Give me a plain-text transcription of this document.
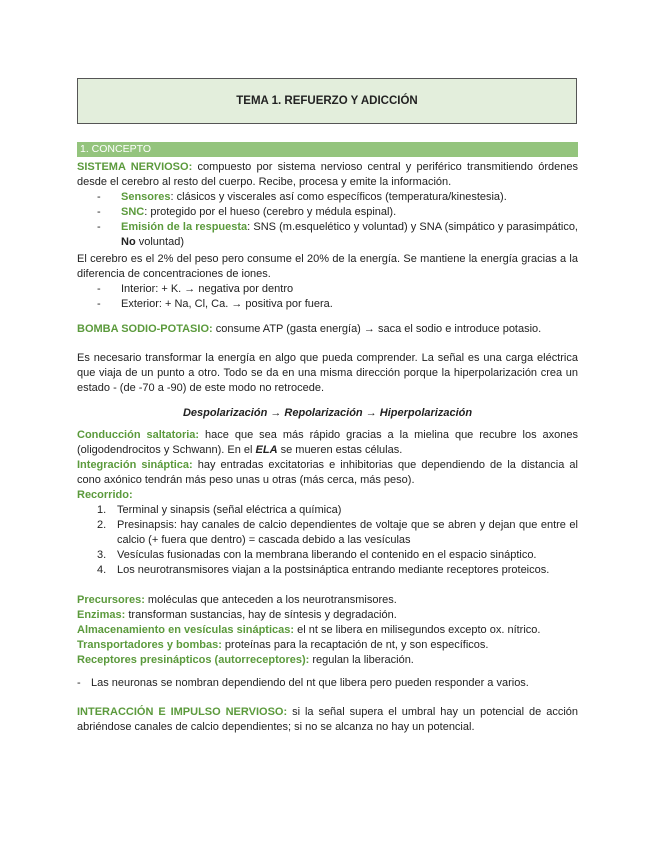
TEMA 1. REFUERZO Y ADICCIÓN
1. CONCEPTO

SISTEMA NERVIOSO: compuesto por sistema nervioso central y periférico transmitiendo órdenes desde el cerebro al resto del cuerpo. Recibe, procesa y emite la información.

-	Sensores: clásicos y viscerales así como específicos (temperatura/kinestesia).
-	SNC: protegido por el hueso (cerebro y médula espinal).
-	Emisión de la respuesta: SNS (m.esquelético y voluntad) y SNA (simpático y parasimpático, No voluntad)

El cerebro es el 2% del peso pero consume el 20% de la energía. Se mantiene la energía gracias a la diferencia de concentraciones de iones.

-	Interior: + K. → negativa por dentro
-	Exterior: + Na, Cl, Ca. → positiva por fuera.

BOMBA SODIO-POTASIO: consume ATP (gasta energía) → saca el sodio e introduce potasio.

Es necesario transformar la energía en algo que pueda comprender. La señal es una carga eléctrica que viaja de un punto a otro. Todo se da en una misma dirección porque la hiperpolarización crea un estado - (de -70 a -90) de este modo no retrocede.

Despolarización → Repolarización → Hiperpolarización

Conducción saltatoria: hace que sea más rápido gracias a la mielina que recubre los axones (oligodendrocitos y Schwann). En el ELA se mueren estas células.

Integración sináptica: hay entradas excitatorias e inhibitorias que dependiendo de la distancia al cono axónico tendrán más peso unas u otras (más cerca, más peso).

Recorrido:

1. Terminal y sinapsis (señal eléctrica a química)
2. Presinapsis: hay canales de calcio dependientes de voltaje que se abren y dejan que entre el calcio (+ fuera que dentro) = cascada debido a las vesículas
3. Vesículas fusionadas con la membrana liberando el contenido en el espacio sináptico.
4. Los neurotransmisores viajan a la postsináptica entrando mediante receptores proteicos.

Precursores: moléculas que anteceden a los neurotransmisores.

Enzimas: transforman sustancias, hay de síntesis y degradación.

Almacenamiento en vesículas sinápticas: el nt se libera en milisegundos excepto ox. nítrico.

Transportadores y bombas: proteínas para la recaptación de nt, y son específicos.

Receptores presinápticos (autorreceptores): regulan la liberación.

- Las neuronas se nombran dependiendo del nt que libera pero pueden responder a varios.

INTERACCIÓN E IMPULSO NERVIOSO: si la señal supera el umbral hay un potencial de acción abriéndose canales de calcio dependientes; si no se alcanza no hay un potencial.
